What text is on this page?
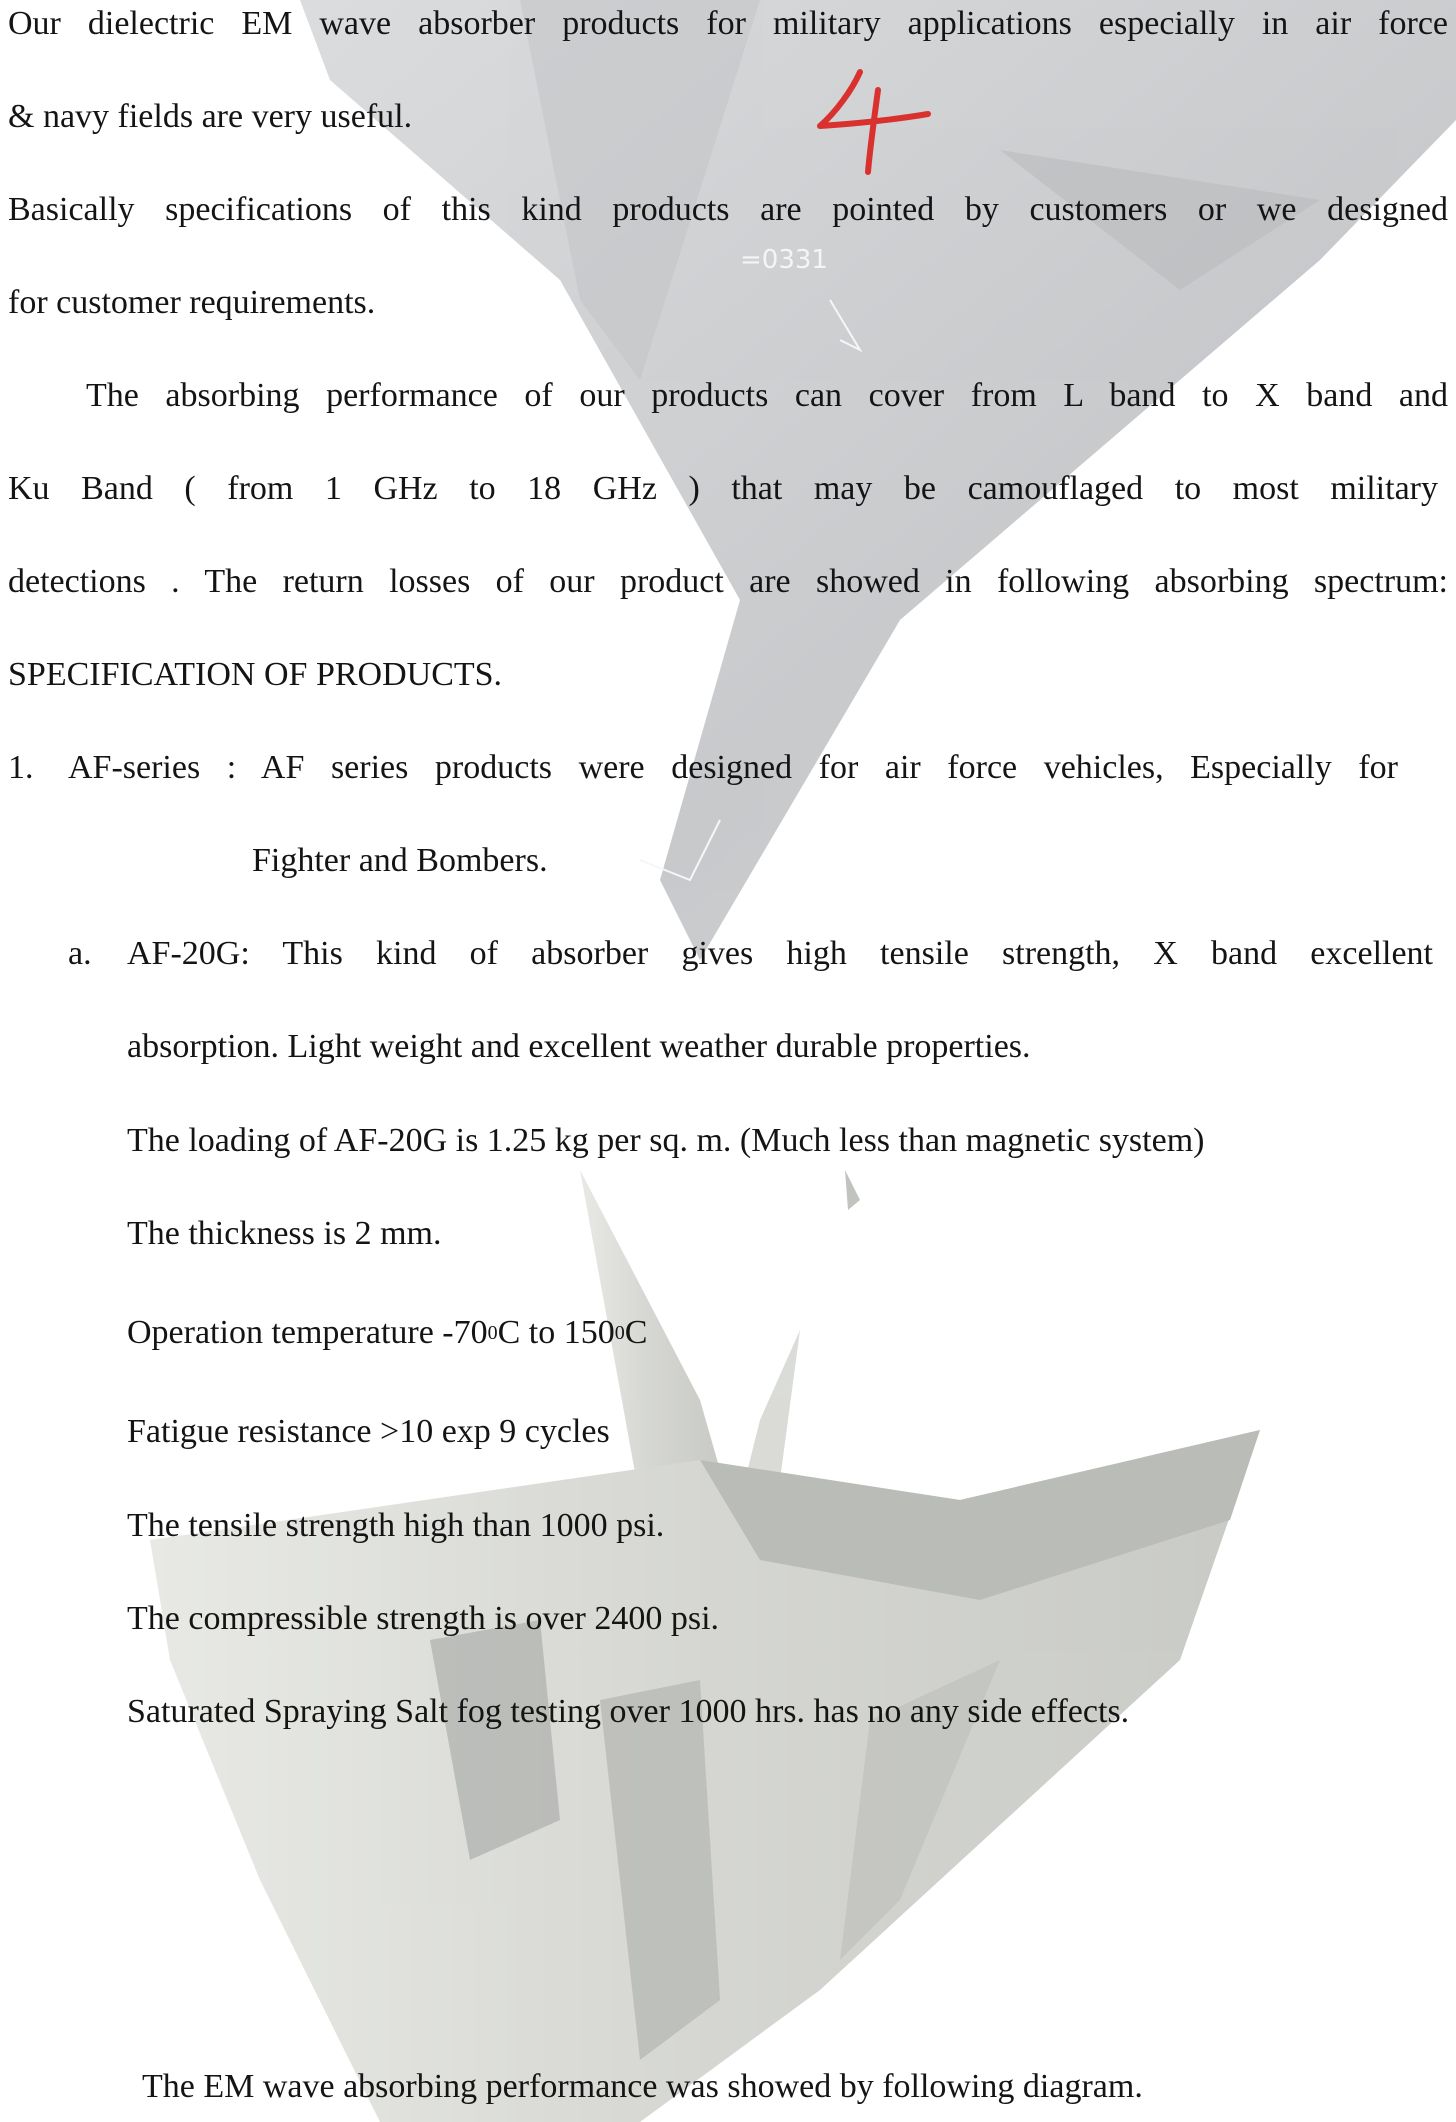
=0331

Our dielectric EM wave absorber products for military applications especially in air force

& navy fields are very useful.

Basically specifications of this kind products are pointed by customers or we designed

for customer requirements.

The absorbing performance of our products can cover from L band to X band and

Ku Band ( from 1 GHz to 18 GHz ) that may be camouflaged to most military

detections . The return losses of our product are showed in following absorbing spectrum:

SPECIFICATION OF PRODUCTS.

1. AF-series : AF series products were designed for air force vehicles, Especially for

Fighter and Bombers.

a. AF-20G: This kind of absorber gives high tensile strength, X band excellent

absorption. Light weight and excellent weather durable properties.

The loading of AF-20G is 1.25 kg per sq. m. (Much less than magnetic system)

The thickness is 2 mm.

Operation temperature $-70^0C$ to $150^0C$

Fatigue resistance >10 exp 9 cycles

The tensile strength high than 1000 psi.

The compressible strength is over 2400 psi.

Saturated Spraying Salt fog testing over 1000 hrs. has no any side effects.

The EM wave absorbing performance was showed by following diagram.
